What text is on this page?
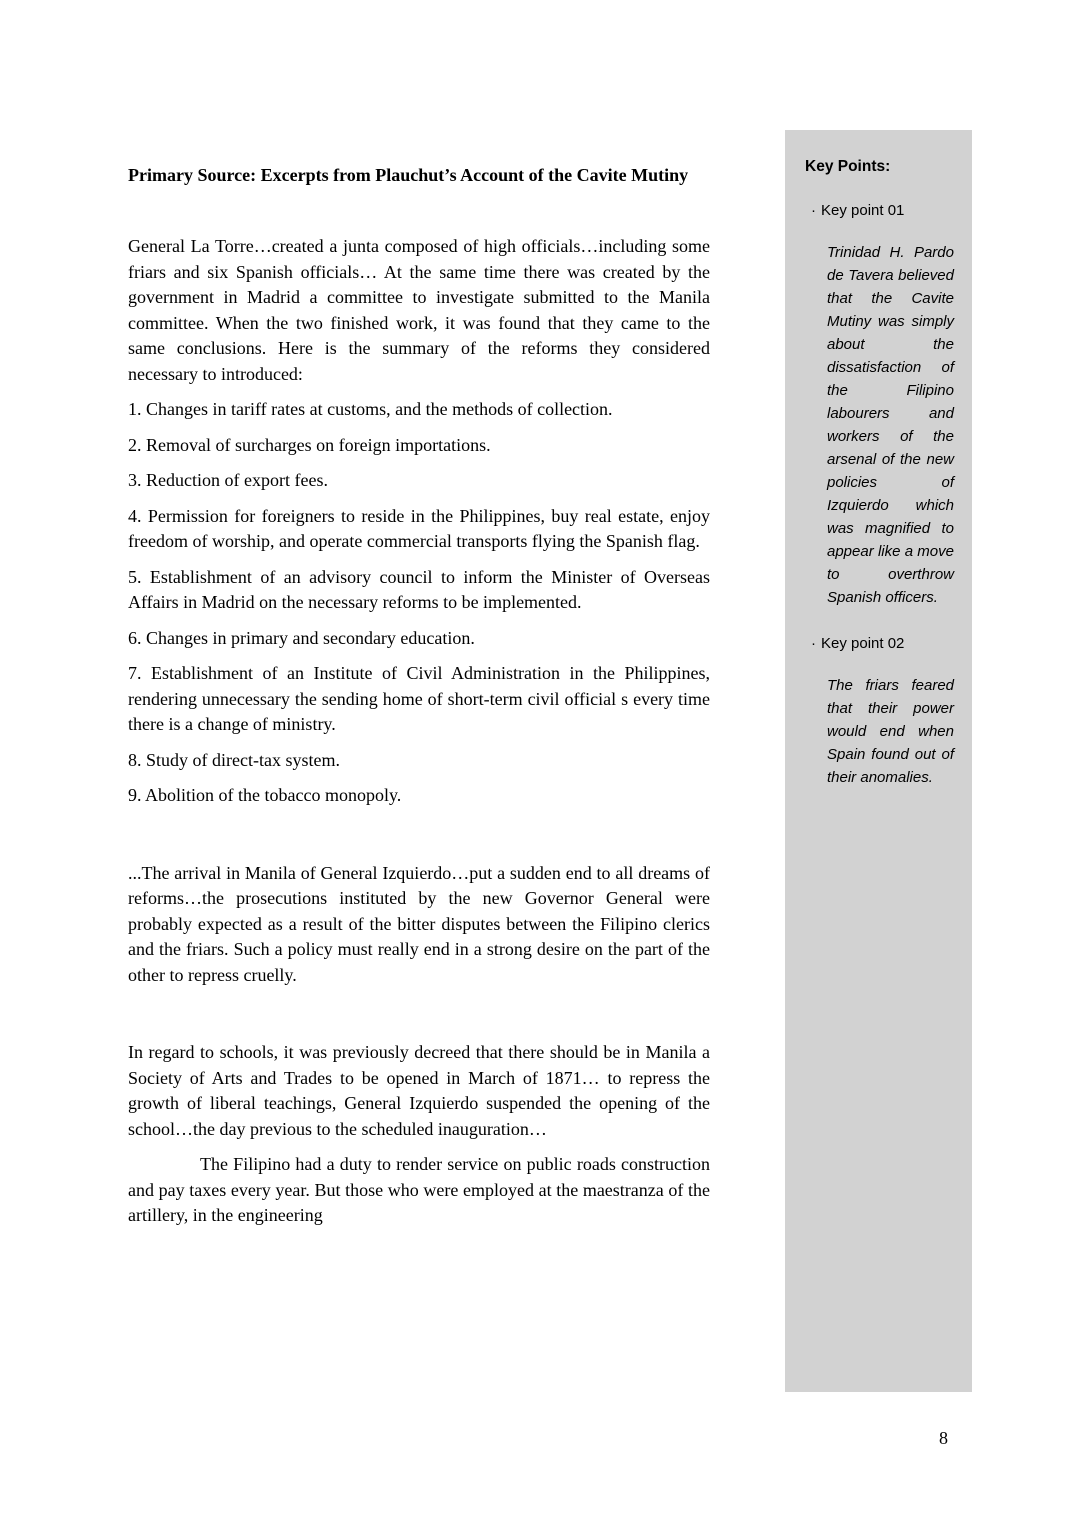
Primary Source: Excerpts from Plauchut’s Account of the Cavite Mutiny

General La Torre…created a junta composed of high officials…including some friars and six Spanish officials… At the same time there was created by the government in Madrid a committee to investigate submitted to the Manila committee. When the two finished work, it was found that they came to the same conclusions. Here is the summary of the reforms they considered necessary to introduced:

1. Changes in tariff rates at customs, and the methods of collection.

2. Removal of surcharges on foreign importations.

3. Reduction of export fees.

4. Permission for foreigners to reside in the Philippines, buy real estate, enjoy freedom of worship, and operate commercial transports flying the Spanish flag.

5. Establishment of an advisory council to inform the Minister of Overseas Affairs in Madrid on the necessary reforms to be implemented.

6. Changes in primary and secondary education.

7. Establishment of an Institute of Civil Administration in the Philippines, rendering unnecessary the sending home of short-term civil official s every time there is a change of ministry.

8. Study of direct-tax system.

9. Abolition of the tobacco monopoly.

...The arrival in Manila of General Izquierdo…put a sudden end to all dreams of reforms…the prosecutions instituted by the new Governor General were probably expected as a result of the bitter disputes between the Filipino clerics and the friars. Such a policy must really end in a strong desire on the part of the other to repress cruelly.

In regard to schools, it was previously decreed that there should be in Manila a Society of Arts and Trades to be opened in March of 1871… to repress the growth of liberal teachings, General Izquierdo suspended the opening of the school…the day previous to the scheduled inauguration…

The Filipino had a duty to render service on public roads construction and pay taxes every year. But those who were employed at the maestranza of the artillery, in the engineering

Key Points:
· Key point 01
Trinidad H. Pardo de Tavera believed that the Cavite Mutiny was simply about the dissatisfaction of the Filipino labourers and workers of the arsenal of the new policies of Izquierdo which was magnified to appear like a move to overthrow Spanish officers.
· Key point 02
The friars feared that their power would end when Spain found out of their anomalies.
8
